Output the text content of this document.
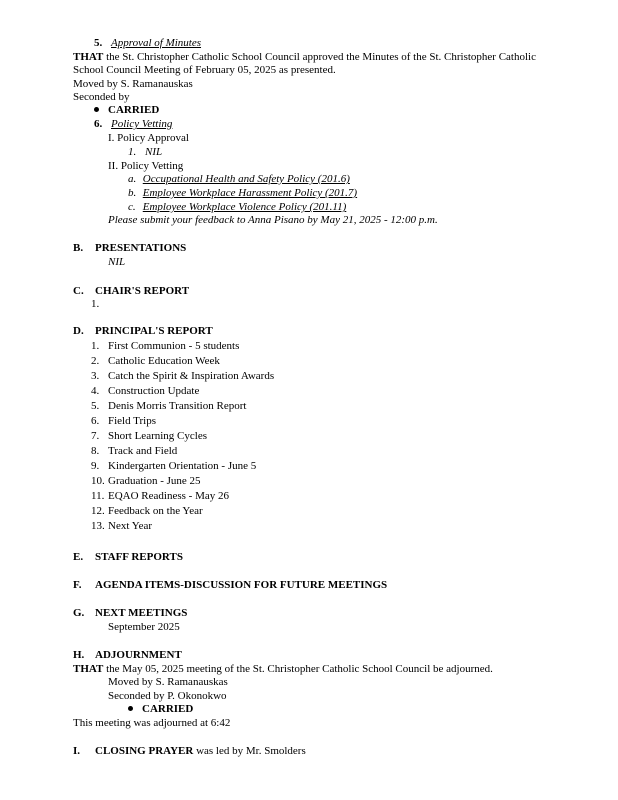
5. Approval of Minutes
THAT the St. Christopher Catholic School Council approved the Minutes of the St. Christopher Catholic
School Council Meeting of February 05, 2025 as presented.
Moved by S. Ramanauskas
Seconded by
CARRIED
6. Policy Vetting
I. Policy Approval
1. NIL
II. Policy Vetting
a. Occupational Health and Safety Policy (201.6)
b. Employee Workplace Harassment Policy (201.7)
c. Employee Workplace Violence Policy (201.11)
Please submit your feedback to Anna Pisano by May 21, 2025 - 12:00 p.m.
B. PRESENTATIONS
NIL
C. CHAIR'S REPORT
1.
D. PRINCIPAL'S REPORT
1. First Communion - 5 students
2. Catholic Education Week
3. Catch the Spirit & Inspiration Awards
4. Construction Update
5. Denis Morris Transition Report
6. Field Trips
7. Short Learning Cycles
8. Track and Field
9. Kindergarten Orientation - June 5
10. Graduation - June 25
11. EQAO Readiness - May 26
12. Feedback on the Year
13. Next Year
E. STAFF REPORTS
F. AGENDA ITEMS-DISCUSSION FOR FUTURE MEETINGS
G. NEXT MEETINGS
September 2025
H. ADJOURNMENT
THAT the May 05, 2025 meeting of the St. Christopher Catholic School Council be adjourned.
Moved by S. Ramanauskas
Seconded by P. Okonokwo
CARRIED
This meeting was adjourned at 6:42
I. CLOSING PRAYER was led by Mr. Smolders
